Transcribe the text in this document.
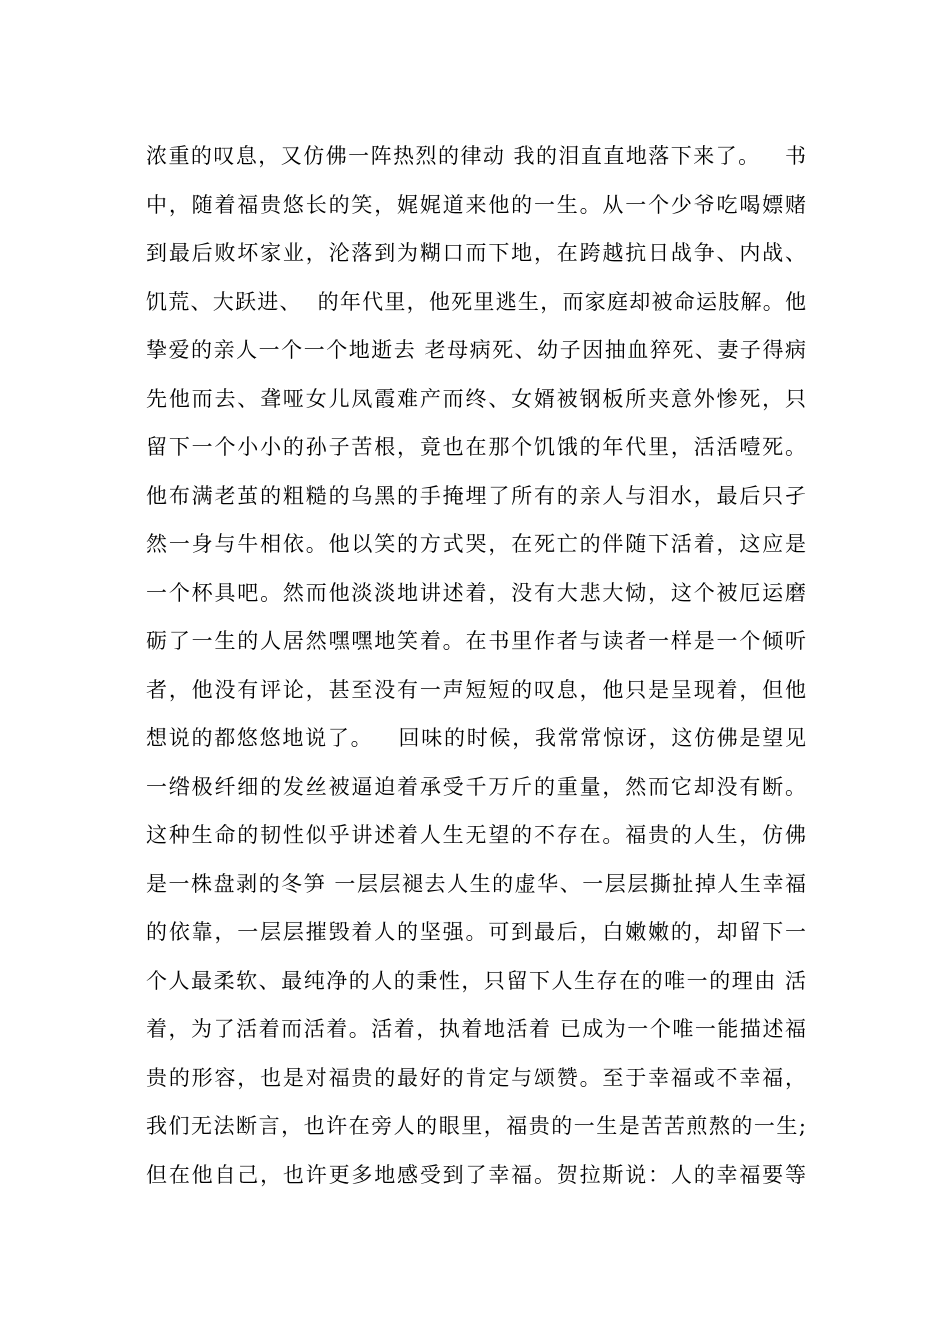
浓重的叹息，又仿佛一阵热烈的律动 我的泪直直地落下来了。   书
中，随着福贵悠长的笑，娓娓道来他的一生。从一个少爷吃喝嫖赌
到最后败坏家业，沦落到为糊口而下地，在跨越抗日战争、内战、
饥荒、大跃进、  的年代里，他死里逃生，而家庭却被命运肢解。他
挚爱的亲人一个一个地逝去 老母病死、幼子因抽血猝死、妻子得病
先他而去、聋哑女儿凤霞难产而终、女婿被钢板所夹意外惨死，只
留下一个小小的孙子苦根，竟也在那个饥饿的年代里，活活噎死。
他布满老茧的粗糙的乌黑的手掩埋了所有的亲人与泪水，最后只孑
然一身与牛相依。他以笑的方式哭，在死亡的伴随下活着，这应是
一个杯具吧。然而他淡淡地讲述着，没有大悲大恸，这个被厄运磨
砺了一生的人居然嘿嘿地笑着。在书里作者与读者一样是一个倾听
者，他没有评论，甚至没有一声短短的叹息，他只是呈现着，但他
想说的都悠悠地说了。   回味的时候，我常常惊讶，这仿佛是望见
一绺极纤细的发丝被逼迫着承受千万斤的重量，然而它却没有断。
这种生命的韧性似乎讲述着人生无望的不存在。福贵的人生，仿佛
是一株盘剥的冬笋 一层层褪去人生的虚华、一层层撕扯掉人生幸福
的依靠，一层层摧毁着人的坚强。可到最后，白嫩嫩的，却留下一
个人最柔软、最纯净的人的秉性，只留下人生存在的唯一的理由 活
着，为了活着而活着。活着，执着地活着 已成为一个唯一能描述福
贵的形容，也是对福贵的最好的肯定与颂赞。至于幸福或不幸福，
我们无法断言，也许在旁人的眼里，福贵的一生是苦苦煎熬的一生;
但在他自己，也许更多地感受到了幸福。贺拉斯说：人的幸福要等
